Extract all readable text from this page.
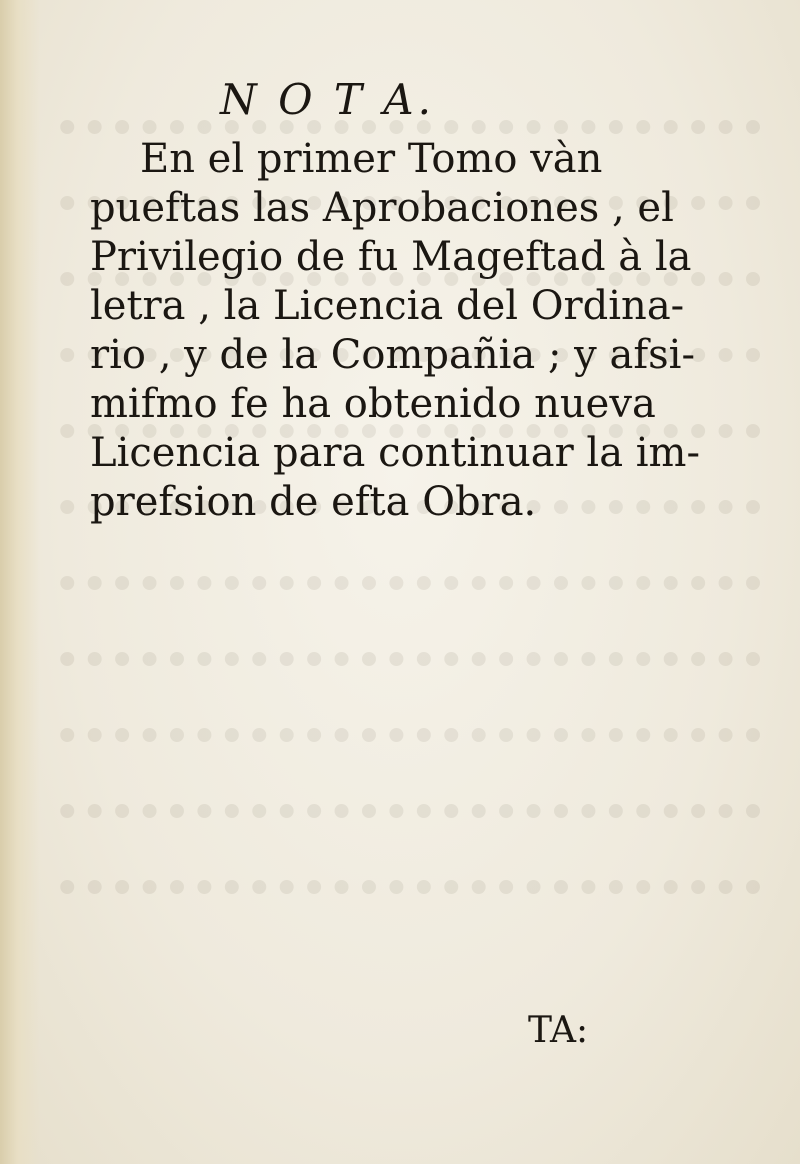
N O T A.
En el primer Tomo vàn
pueftas las Aprobaciones , el
Privilegio de fu Mageftad à la
letra , la Licencia del Ordina-
rio , y de la Compañia ; y afsi-
mifmo fe ha obtenido nueva
Licencia para continuar la im-
prefsion de efta Obra.
TA:
